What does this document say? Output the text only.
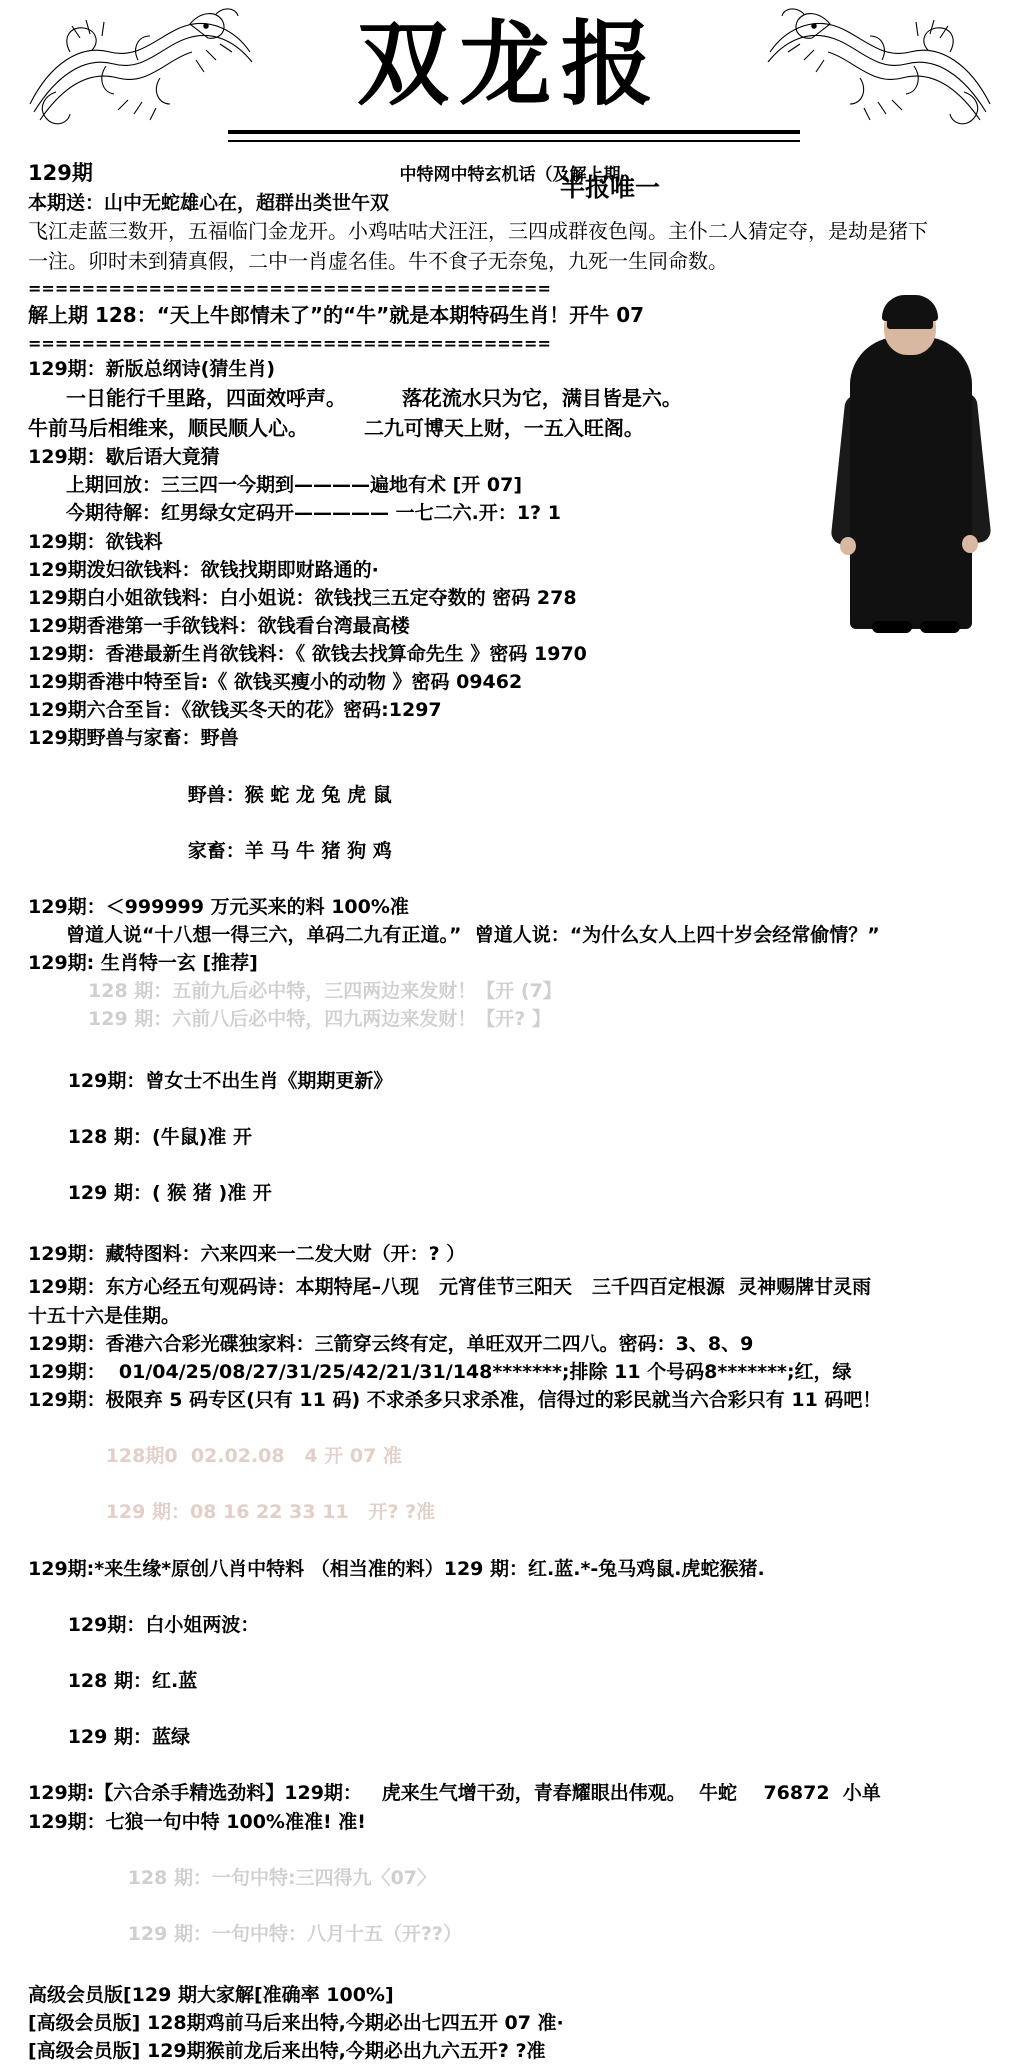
双龙报
中特网中特玄机话（及解上期
半报唯一
129期
本期送：山中无蛇雄心在，超群出类世午双
飞江走蓝三数开，五福临门金龙开。小鸡咕咕犬汪汪，三四成群夜色闯。主仆二人猜定夺，是劫是猪下
一注。卯时未到猜真假，二中一肖虚名佳。牛不食子无奈兔，九死一生同命数。
=======================================
解上期 128：“天上牛郎情未了”的“牛”就是本期特码生肖！开牛 07
=======================================
129期：新版总纲诗(猜生肖)
一日能行千里路，四面效呼声。	落花流水只为它，满目皆是六。
牛前马后相维来，顺民顺人心。	二九可博天上财，一五入旺阁。
129期：歇后语大竟猜
上期回放：三三四一今期到————遍地有术 [开 07]
今期待解：红男绿女定码开————— 一七二六.开：1? 1
129期：欲钱料
129期泼妇欲钱料：欲钱找期即财路通的·
129期白小姐欲钱料：白小姐说：欲钱找三五定夺数的 密码 278
129期香港第一手欲钱料：欲钱看台湾最高楼
129期：香港最新生肖欲钱料：《 欲钱去找算命先生 》密码 1970
129期香港中特至旨:《 欲钱买瘦小的动物 》密码 09462
129期六合至旨：《欲钱买冬天的花》密码:1297
129期野兽与家畜：野兽

野兽：猴 蛇 龙 兔 虎 鼠

家畜：羊 马 牛 猪 狗 鸡

129期：＜999999 万元买来的料 100%准
曾道人说“十八想一得三六，单码二九有正道。”  曾道人说：“为什么女人上四十岁会经常偷情？”
129期: 生肖特一玄 [推荐]
128 期：五前九后必中特，三四两边来发财！【开 (7】
129 期：六前八后必中特，四九两边来发财！【开? 】

129期：曾女士不出生肖《期期更新》

128 期：(牛鼠)准 开

129 期：( 猴 猪 )准 开

129期：藏特图料：六来四来一二发大财（开：? ）
129期：东方心经五句观码诗：本期特尾–八现   元宵佳节三阳天   三千四百定根源  灵神赐牌甘灵雨
十五十六是佳期。
129期：香港六合彩光碟独家料：三箭穿云终有定，单旺双开二四八。密码：3、8、9
129期：  01/04/25/08/27/31/25/42/21/31/148*******;排除 11 个号码8*******;红，绿
129期：极限弃 5 码专区(只有 11 码) 不求杀多只求杀准，信得过的彩民就当六合彩只有 11 码吧！

128期0  02.02.08   4 开 07 准

129 期：08 16 22 33 11   开? ?准

129期:*来生缘*原创八肖中特料 （相当准的料）129 期：红.蓝.*-兔马鸡鼠.虎蛇猴猪.

129期：白小姐两波：

128 期：红.蓝

129 期：蓝绿

129期:【六合杀手精选劲料】129期：   虎来生气增干劲，青春耀眼出伟观。  牛蛇    76872  小单
129期：七狼一句中特 100%准准! 准!

128 期：一句中特:三四得九〈07〉

129 期：一句中特：八月十五（开??）

高级会员版[129 期大家解[准确率 100%]
[高级会员版] 128期鸡前马后来出特,今期必出七四五开 07 准·
[高级会员版] 129期猴前龙后来出特,今期必出九六五开? ?准
